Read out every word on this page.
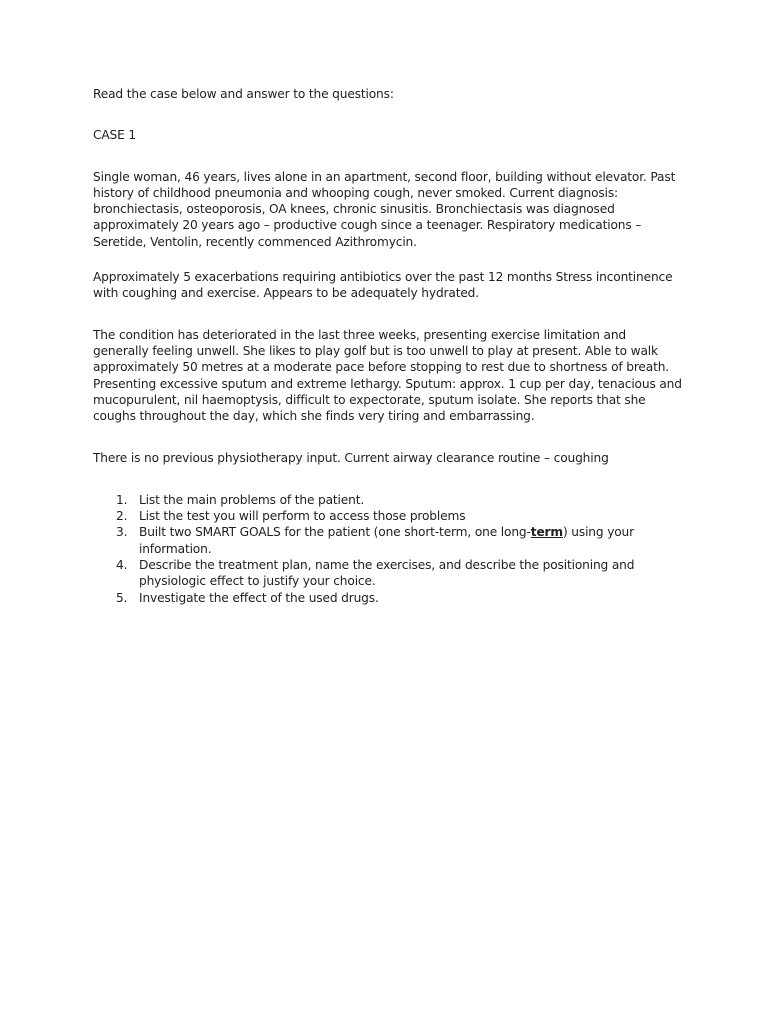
Read the case below and answer to the questions:

CASE 1

Single woman, 46 years, lives alone in an apartment, second floor, building without elevator. Past history of childhood pneumonia and whooping cough, never smoked. Current diagnosis: bronchiectasis, osteoporosis, OA knees, chronic sinusitis. Bronchiectasis was diagnosed approximately 20 years ago – productive cough since a teenager. Respiratory medications – Seretide, Ventolin, recently commenced Azithromycin.

Approximately 5 exacerbations requiring antibiotics over the past 12 months Stress incontinence with coughing and exercise. Appears to be adequately hydrated.

The condition has deteriorated in the last three weeks, presenting exercise limitation and generally feeling unwell. She likes to play golf but is too unwell to play at present. Able to walk approximately 50 metres at a moderate pace before stopping to rest due to shortness of breath. Presenting excessive sputum and extreme lethargy. Sputum: approx. 1 cup per day, tenacious and mucopurulent, nil haemoptysis, difficult to expectorate, sputum isolate. She reports that she coughs throughout the day, which she finds very tiring and embarrassing.

There is no previous physiotherapy input. Current airway clearance routine – coughing

1. List the main problems of the patient.
2. List the test you will perform to access those problems
3. Built two SMART GOALS for the patient (one short-term, one long-term) using your information.
4. Describe the treatment plan, name the exercises, and describe the positioning and physiologic effect to justify your choice.
5. Investigate the effect of the used drugs.
